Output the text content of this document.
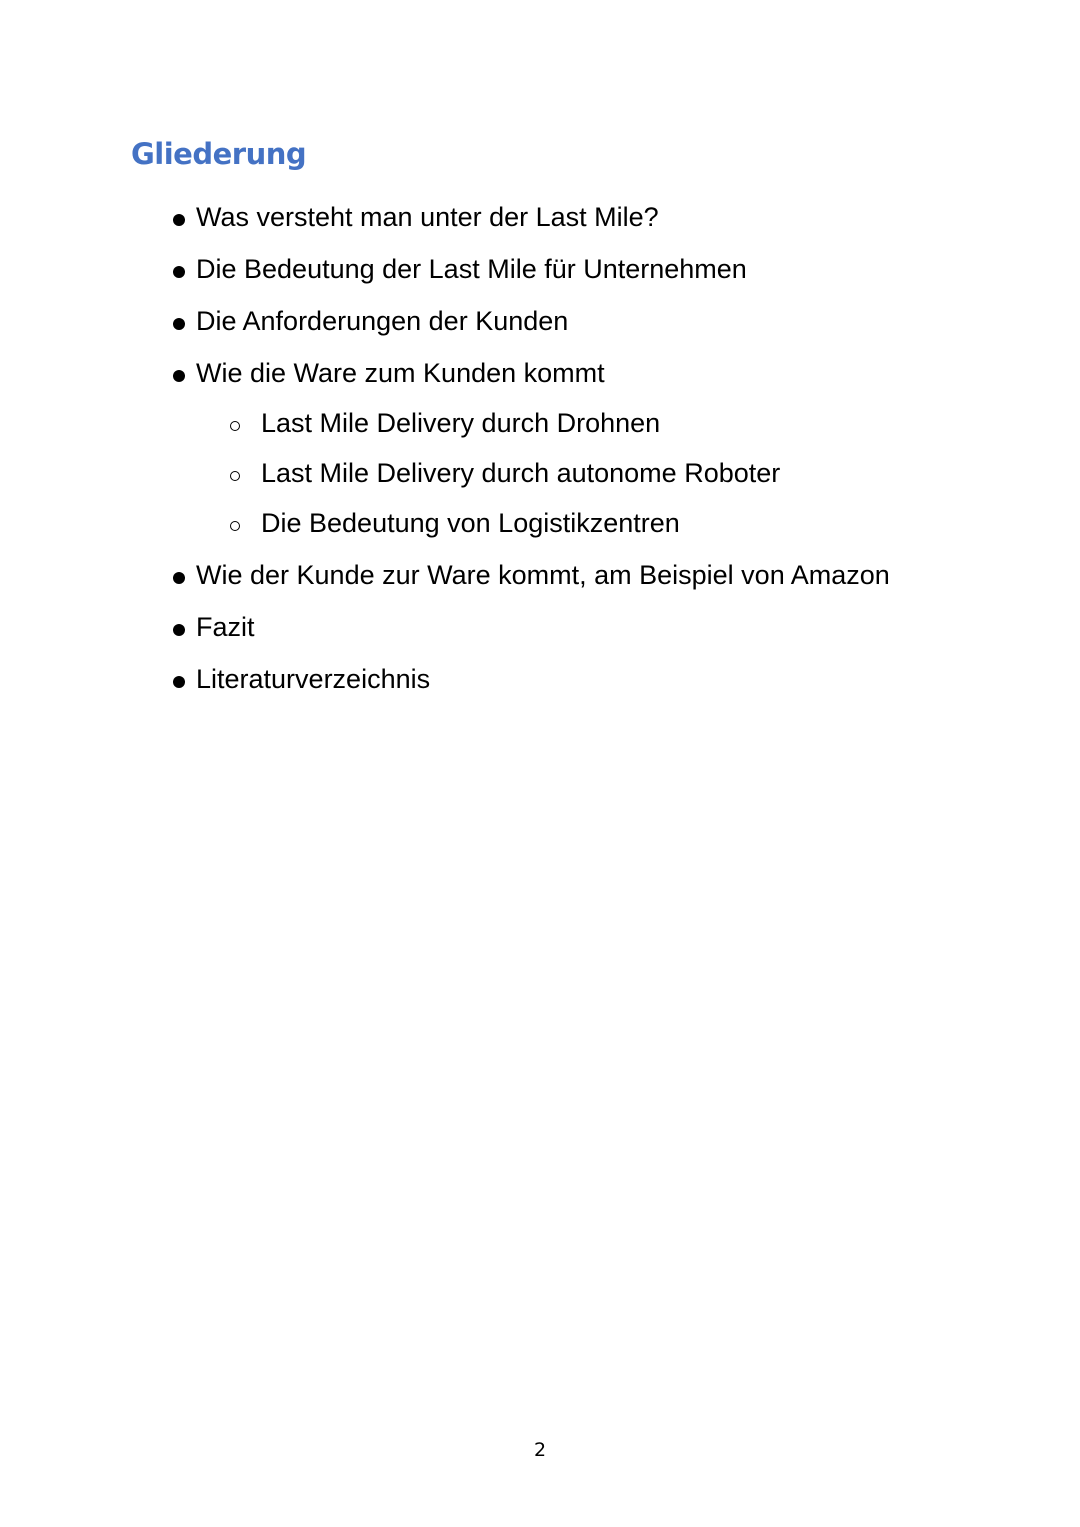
Gliederung
Was versteht man unter der Last Mile?
Die Bedeutung der Last Mile für Unternehmen
Die Anforderungen der Kunden
Wie die Ware zum Kunden kommt
Last Mile Delivery durch Drohnen
Last Mile Delivery durch autonome Roboter
Die Bedeutung von Logistikzentren
Wie der Kunde zur Ware kommt, am Beispiel von Amazon
Fazit
Literaturverzeichnis
2
